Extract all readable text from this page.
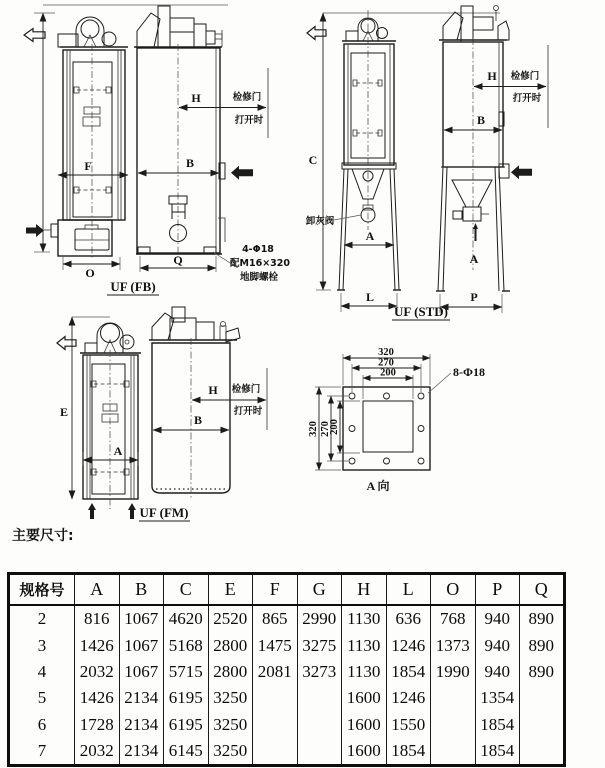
F
O
H	检修门
打开时
B
Q
4-Φ18
配M16×320
地脚螺栓
UF (FB)
C
卸灰阀
A
L
H 检修门
打开时
B
A
P
UF (STD)
E
A
H 检修门
打开时
B
UF (FM)
320
270
200
320 270
200
8-Φ18
A 向
主要尺寸:
规格号	A	B	C	E	F	G	H	L	O	P	Q
2	816	1067	4620	2520	865	2990	1130	636	768	940	890
3	1426	1067	5168	2800	1475	3275	1130	1246	1373	940	890
4	2032	1067	5715	2800	2081	3273	1130	1854	1990	940	890
5	1426	2134	6195	3250			1600	1246		1354	
6	1728	2134	6195	3250			1600	1550		1854	
7	2032	2134	6145	3250			1600	1854		1854	
